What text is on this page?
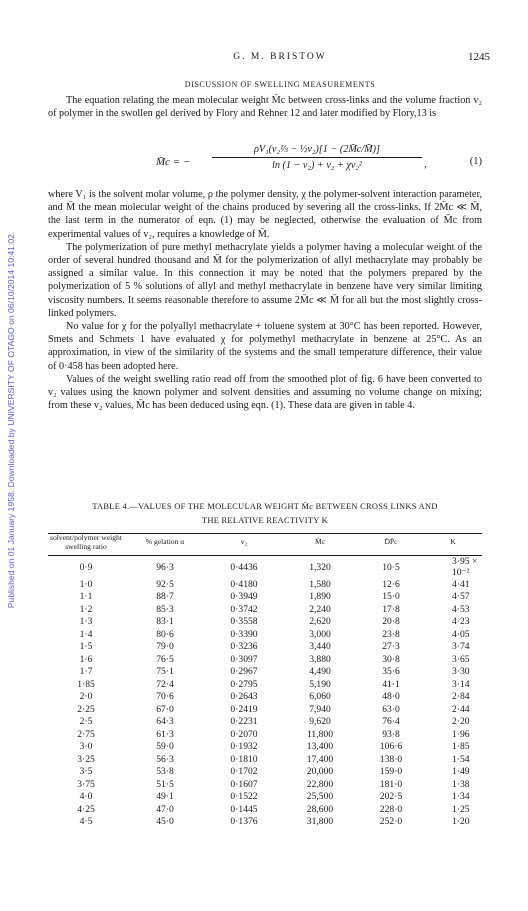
Published on 01 January 1958. Downloaded by UNIVERSITY OF OTAGO on 06/10/2014 10:41:02.
G. M. BRISTOW	1245
DISCUSSION OF SWELLING MEASUREMENTS

The equation relating the mean molecular weight M̄c between cross-links and the volume fraction v₂ of polymer in the swollen gel derived by Flory and Rehner 12 and later modified by Flory,13 is

M̄c = − $\frac{\text{ρV₁(v₂⅓ − ½v₂)[1 − (2M̄c/M̄)]}}{\text{ln (1 − v₂) + v₂ + χv₂²}}$ ,	(1)

where V₁ is the solvent molar volume, ρ the polymer density, χ the polymer-solvent interaction parameter, and M̄ the mean molecular weight of the chains produced by severing all the cross-links. If 2M̄c ≪ M̄, the last term in the numerator of eqn. (1) may be neglected, otherwise the evaluation of M̄c from experimental values of v₂, requires a knowledge of M̄.

The polymerization of pure methyl methacrylate yields a polymer having a molecular weight of the order of several hundred thousand and M̄ for the polymerization of allyl methacrylate may probably be assigned a similar value. In this connection it may be noted that the polymers prepared by the polymerization of 5 % solutions of allyl and methyl methacrylate in benzene have very similar limiting viscosity numbers. It seems reasonable therefore to assume 2M̄c ≪ M̄ for all but the most slightly cross-linked polymers.

No value for χ for the polyallyl methacrylate + toluene system at 30°C has been reported. However, Smets and Schmets 1 have evaluated χ for polymethyl methacrylate in benzene at 25°C. As an approximation, in view of the similarity of the systems and the small temperature difference, their value of 0·458 has been adopted here.

Values of the weight swelling ratio read off from the smoothed plot of fig. 6 have been converted to v₂ values using the known polymer and solvent densities and assuming no volume change on mixing; from these v₂ values, M̄c has been deduced using eqn. (1). These data are given in table 4.

TABLE 4.—VALUES OF THE MOLECULAR WEIGHT M̄c BETWEEN CROSS LINKS AND
THE RELATIVE REACTIVITY K
solvent/polymer weight swelling ratio	% gelation α	v₂	M̄c	D̄P̄c	K
0·9	96·3	0·4436	1,320	10·5	3·95 × 10⁻²
1·0	92·5	0·4180	1,580	12·6	4·41
1·1	88·7	0·3949	1,890	15·0	4·57
1·2	85·3	0·3742	2,240	17·8	4·53
1·3	83·1	0·3558	2,620	20·8	4·23
1·4	80·6	0·3390	3,000	23·8	4·05
1·5	79·0	0·3236	3,440	27·3	3·74
1·6	76·5	0·3097	3,880	30·8	3·65
1·7	75·1	0·2967	4,490	35·6	3·30
1·85	72·4	0·2795	5,190	41·1	3·14
2·0	70·6	0·2643	6,060	48·0	2·84
2·25	67·0	0·2419	7,940	63·0	2·44
2·5	64·3	0·2231	9,620	76·4	2·20
2·75	61·3	0·2070	11,800	93·8	1·96
3·0	59·0	0·1932	13,400	106·6	1·85
3·25	56·3	0·1810	17,400	138·0	1·54
3·5	53·8	0·1702	20,000	159·0	1·49
3·75	51·5	0·1607	22,800	181·0	1·38
4·0	49·1	0·1522	25,500	202·5	1·34
4·25	47·0	0·1445	28,600	228·0	1·25
4·5	45·0	0·1376	31,800	252·0	1·20
